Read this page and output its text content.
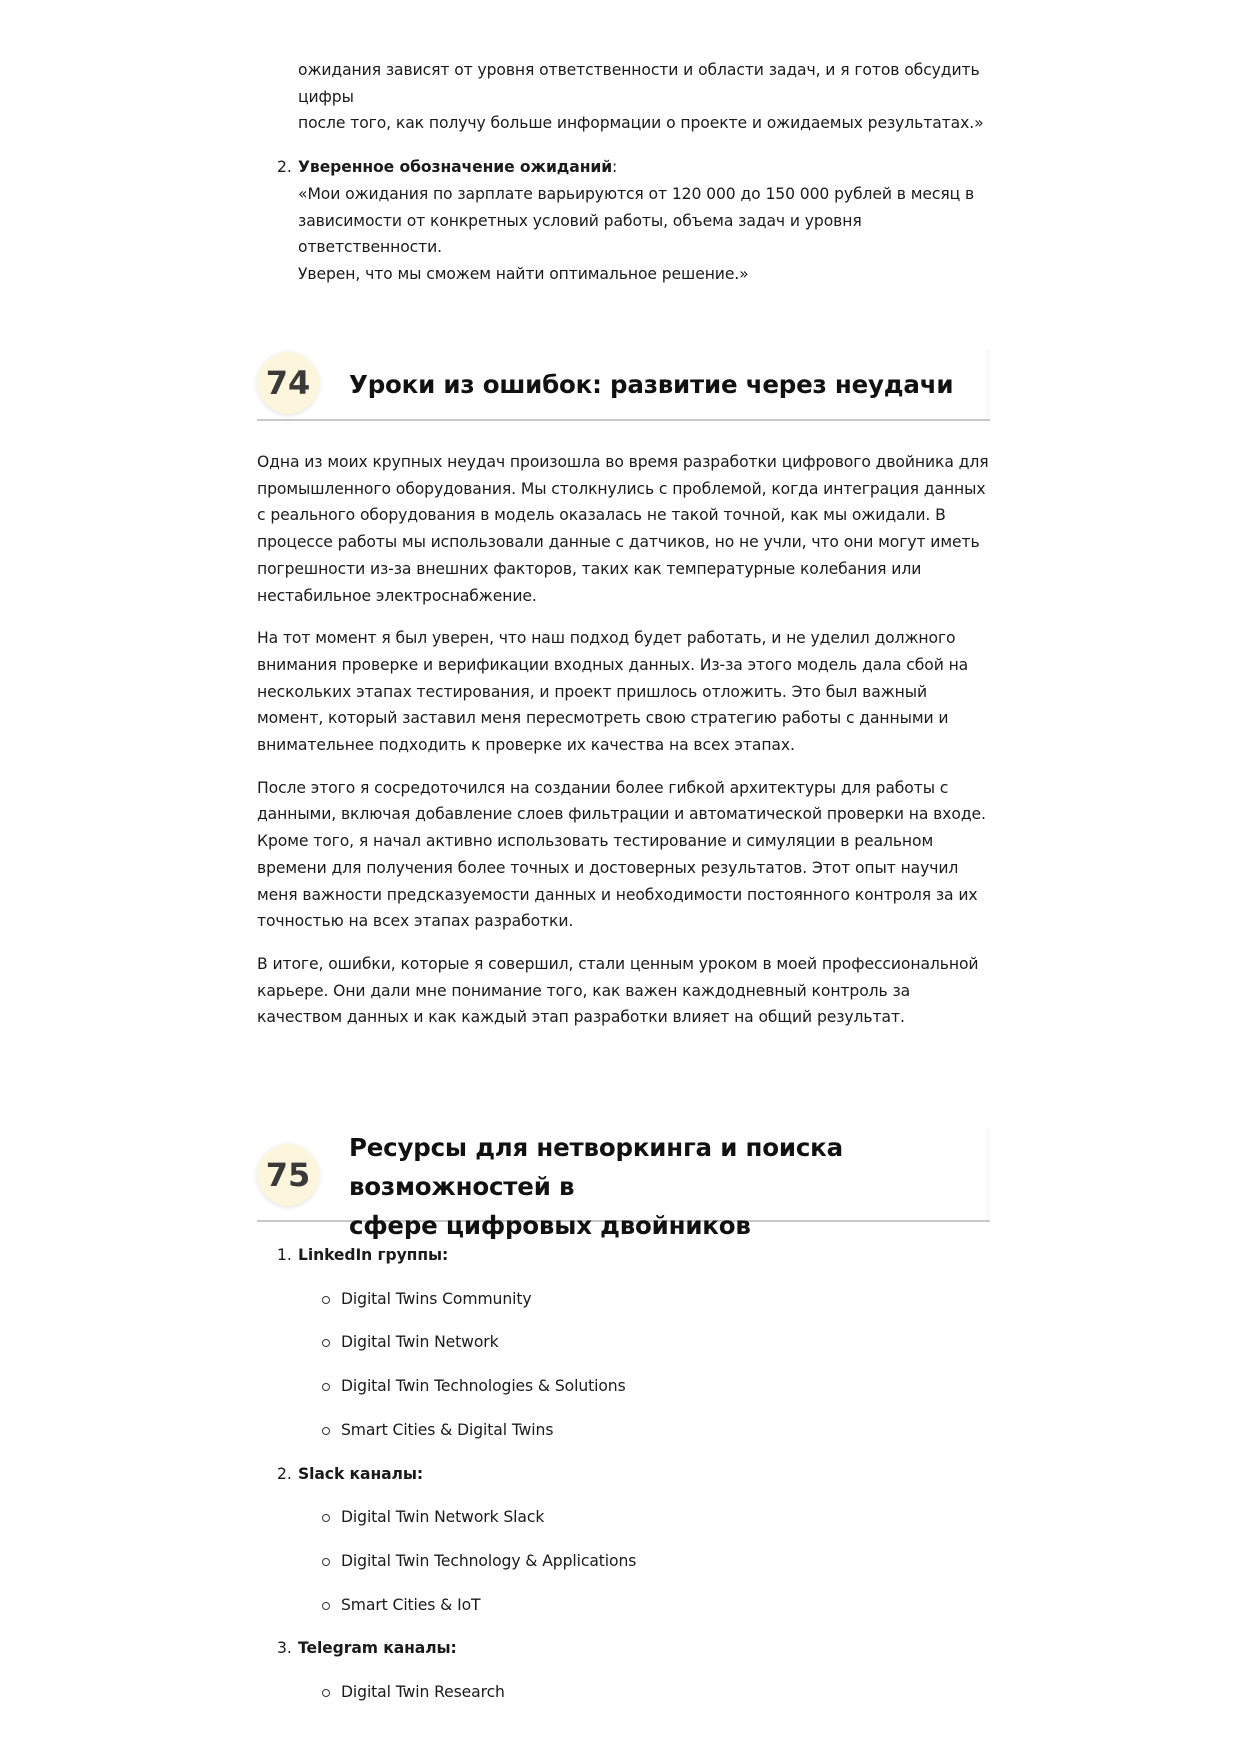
ожидания зависят от уровня ответственности и области задач, и я готов обсудить цифры
после того, как получу больше информации о проекте и ожидаемых результатах.»
2. Уверенное обозначение ожиданий:
«Мои ожидания по зарплате варьируются от 120 000 до 150 000 рублей в месяц в
зависимости от конкретных условий работы, объема задач и уровня ответственности.
Уверен, что мы сможем найти оптимальное решение.»
74	Уроки из ошибок: развитие через неудачи

Одна из моих крупных неудач произошла во время разработки цифрового двойника для промышленного оборудования. Мы столкнулись с проблемой, когда интеграция данных с реального оборудования в модель оказалась не такой точной, как мы ожидали. В процессе работы мы использовали данные с датчиков, но не учли, что они могут иметь погрешности из-за внешних факторов, таких как температурные колебания или нестабильное электроснабжение.

На тот момент я был уверен, что наш подход будет работать, и не уделил должного внимания проверке и верификации входных данных. Из-за этого модель дала сбой на нескольких этапах тестирования, и проект пришлось отложить. Это был важный момент, который заставил меня пересмотреть свою стратегию работы с данными и внимательнее подходить к проверке их качества на всех этапах.

После этого я сосредоточился на создании более гибкой архитектуры для работы с данными, включая добавление слоев фильтрации и автоматической проверки на входе. Кроме того, я начал активно использовать тестирование и симуляции в реальном времени для получения более точных и достоверных результатов. Этот опыт научил меня важности предсказуемости данных и необходимости постоянного контроля за их точностью на всех этапах разработки.

В итоге, ошибки, которые я совершил, стали ценным уроком в моей профессиональной карьере. Они дали мне понимание того, как важен каждодневный контроль за качеством данных и как каждый этап разработки влияет на общий результат.

75
Ресурсы для нетворкинга и поиска возможностей в
сфере цифровых двойников
1. LinkedIn группы:
Digital Twins Community
Digital Twin Network
Digital Twin Technologies & Solutions
Smart Cities & Digital Twins
2. Slack каналы:
Digital Twin Network Slack
Digital Twin Technology & Applications
Smart Cities & IoT
3. Telegram каналы:
Digital Twin Research
